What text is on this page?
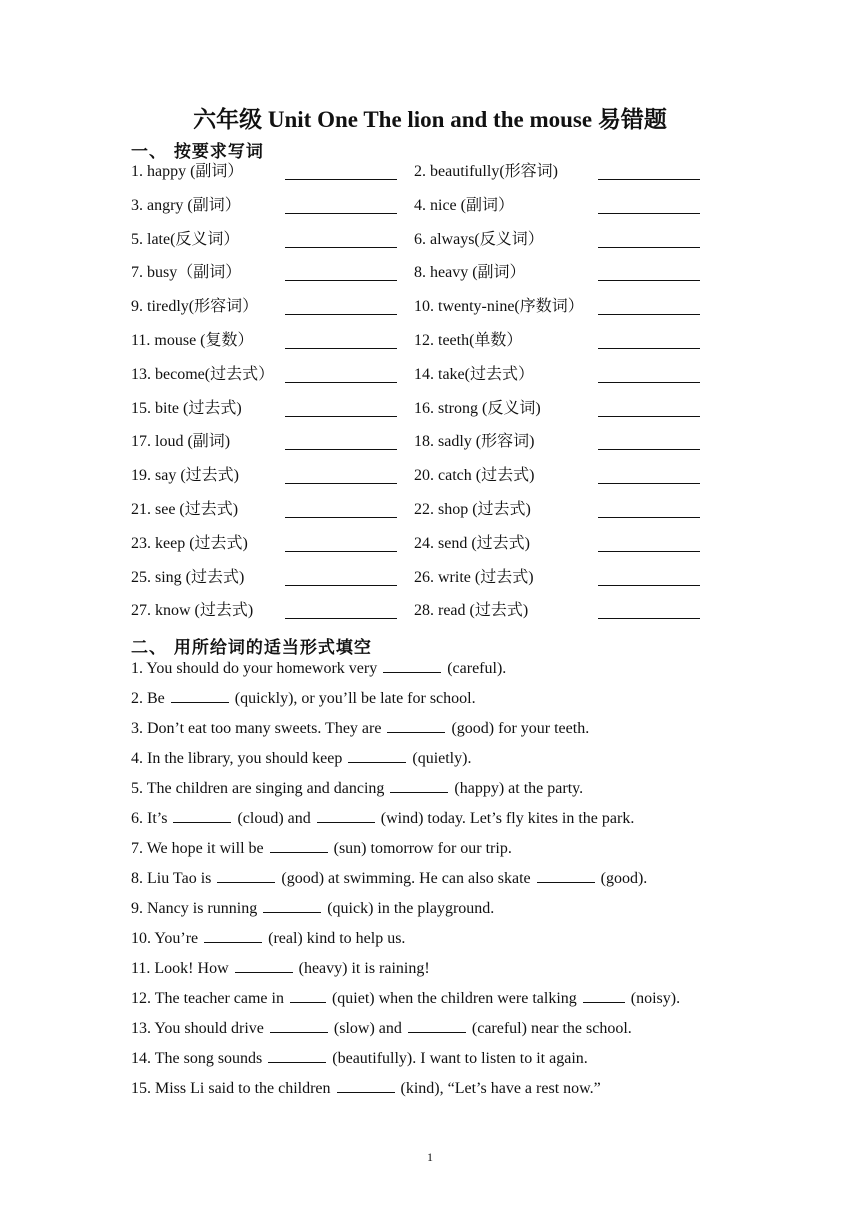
六年级 Unit One The lion and the mouse 易错题
一、 按要求写词
1. happy (副词）	2. beautifully(形容词)
3. angry (副词）	4. nice (副词）
5. late(反义词）	6. always(反义词）
7. busy（副词）	8. heavy (副词）
9. tiredly(形容词）	10. twenty-nine(序数词）
11. mouse (复数）	12. teeth(单数）
13. become(过去式）	14. take(过去式）
15. bite (过去式)	16. strong (反义词)
17. loud (副词)	18. sadly (形容词)
19. say (过去式)	20. catch (过去式)
21. see (过去式)	22. shop (过去式)
23. keep (过去式)	24. send (过去式)
25. sing (过去式)	26. write (过去式)
27. know (过去式)	28. read (过去式)
二、 用所给词的适当形式填空
1. You should do your homework very	(careful).
2. Be	(quickly), or you’ll be late for school.
3. Don’t eat too many sweets. They are	(good) for your teeth.
4. In the library, you should keep	(quietly).
5. The children are singing and dancing	(happy) at the party.
6. It’s	(cloud) and	(wind) today. Let’s fly kites in the park.
7. We hope it will be	(sun) tomorrow for our trip.
8. Liu Tao is	(good) at swimming. He can also skate	(good).
9. Nancy is running	(quick) in the playground.
10. You’re	(real) kind to help us.
11. Look! How	(heavy) it is raining!
12. The teacher came in	(quiet) when the children were talking	(noisy).
13. You should drive	(slow) and	(careful) near the school.
14. The song sounds	(beautifully). I want to listen to it again.
15. Miss Li said to the children	(kind), “Let’s have a rest now.”
1
